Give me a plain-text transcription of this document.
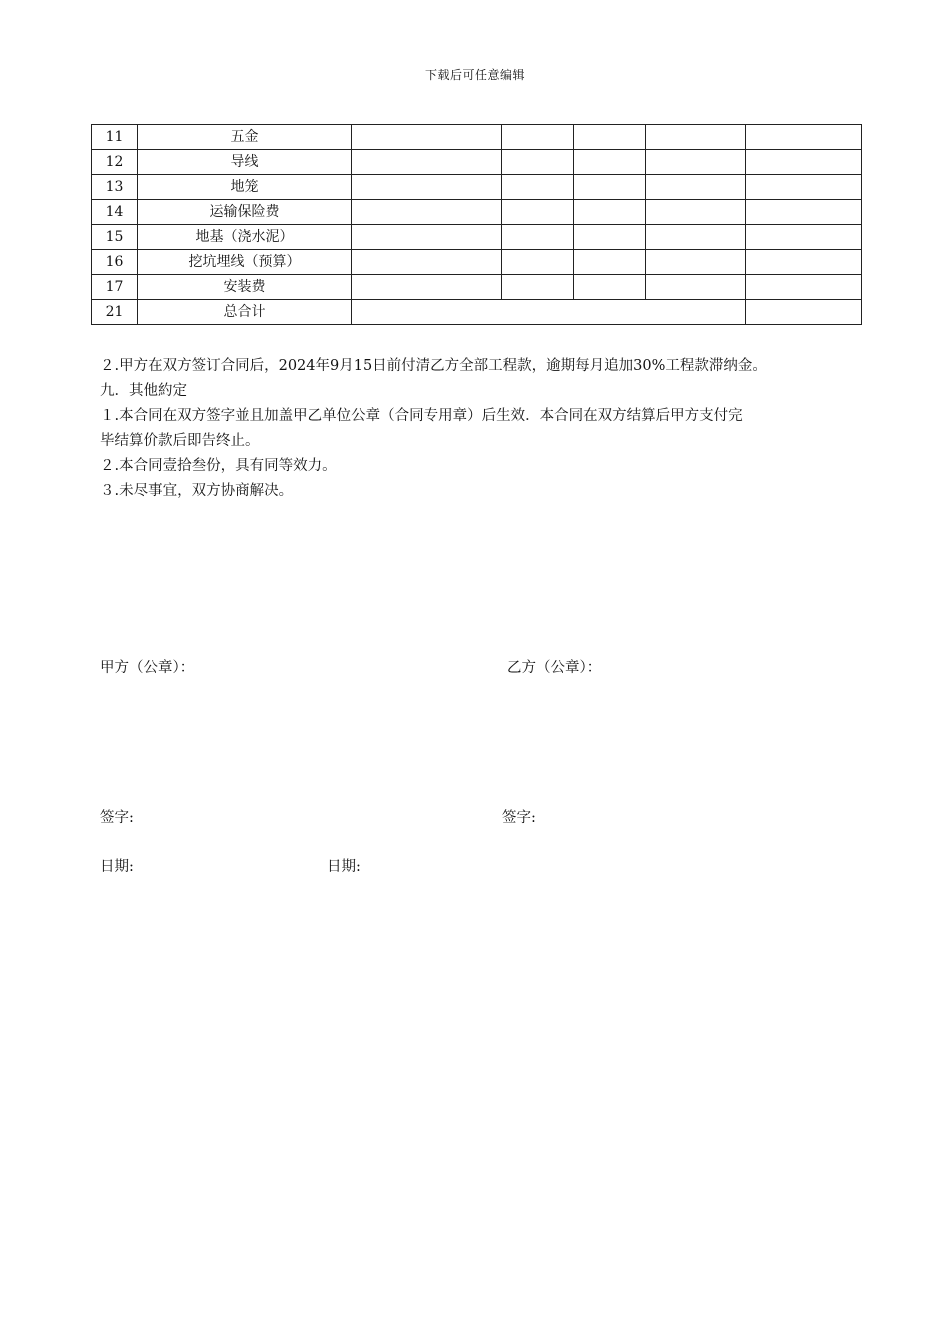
下载后可任意编辑
11	五金					
12	导线					
13	地笼					
14	运输保险费					
15	地基（浇水泥）					
16	挖坑埋线（预算）					
17	安装费					
21	总合计					
２.甲方在双方签订合同后，2024年9月15日前付清乙方全部工程款，逾期每月追加30%工程款滞纳金。
九．其他約定
１.本合同在双方签字並且加盖甲乙单位公章（合同专用章）后生效．本合同在双方结算后甲方支付完
毕结算价款后即告终止。
２.本合同壹拾叁份，具有同等效力。
３.未尽事宜，双方协商解决。
甲方（公章）：	乙方（公章）：
签字:	签字:
日期:	日期:
